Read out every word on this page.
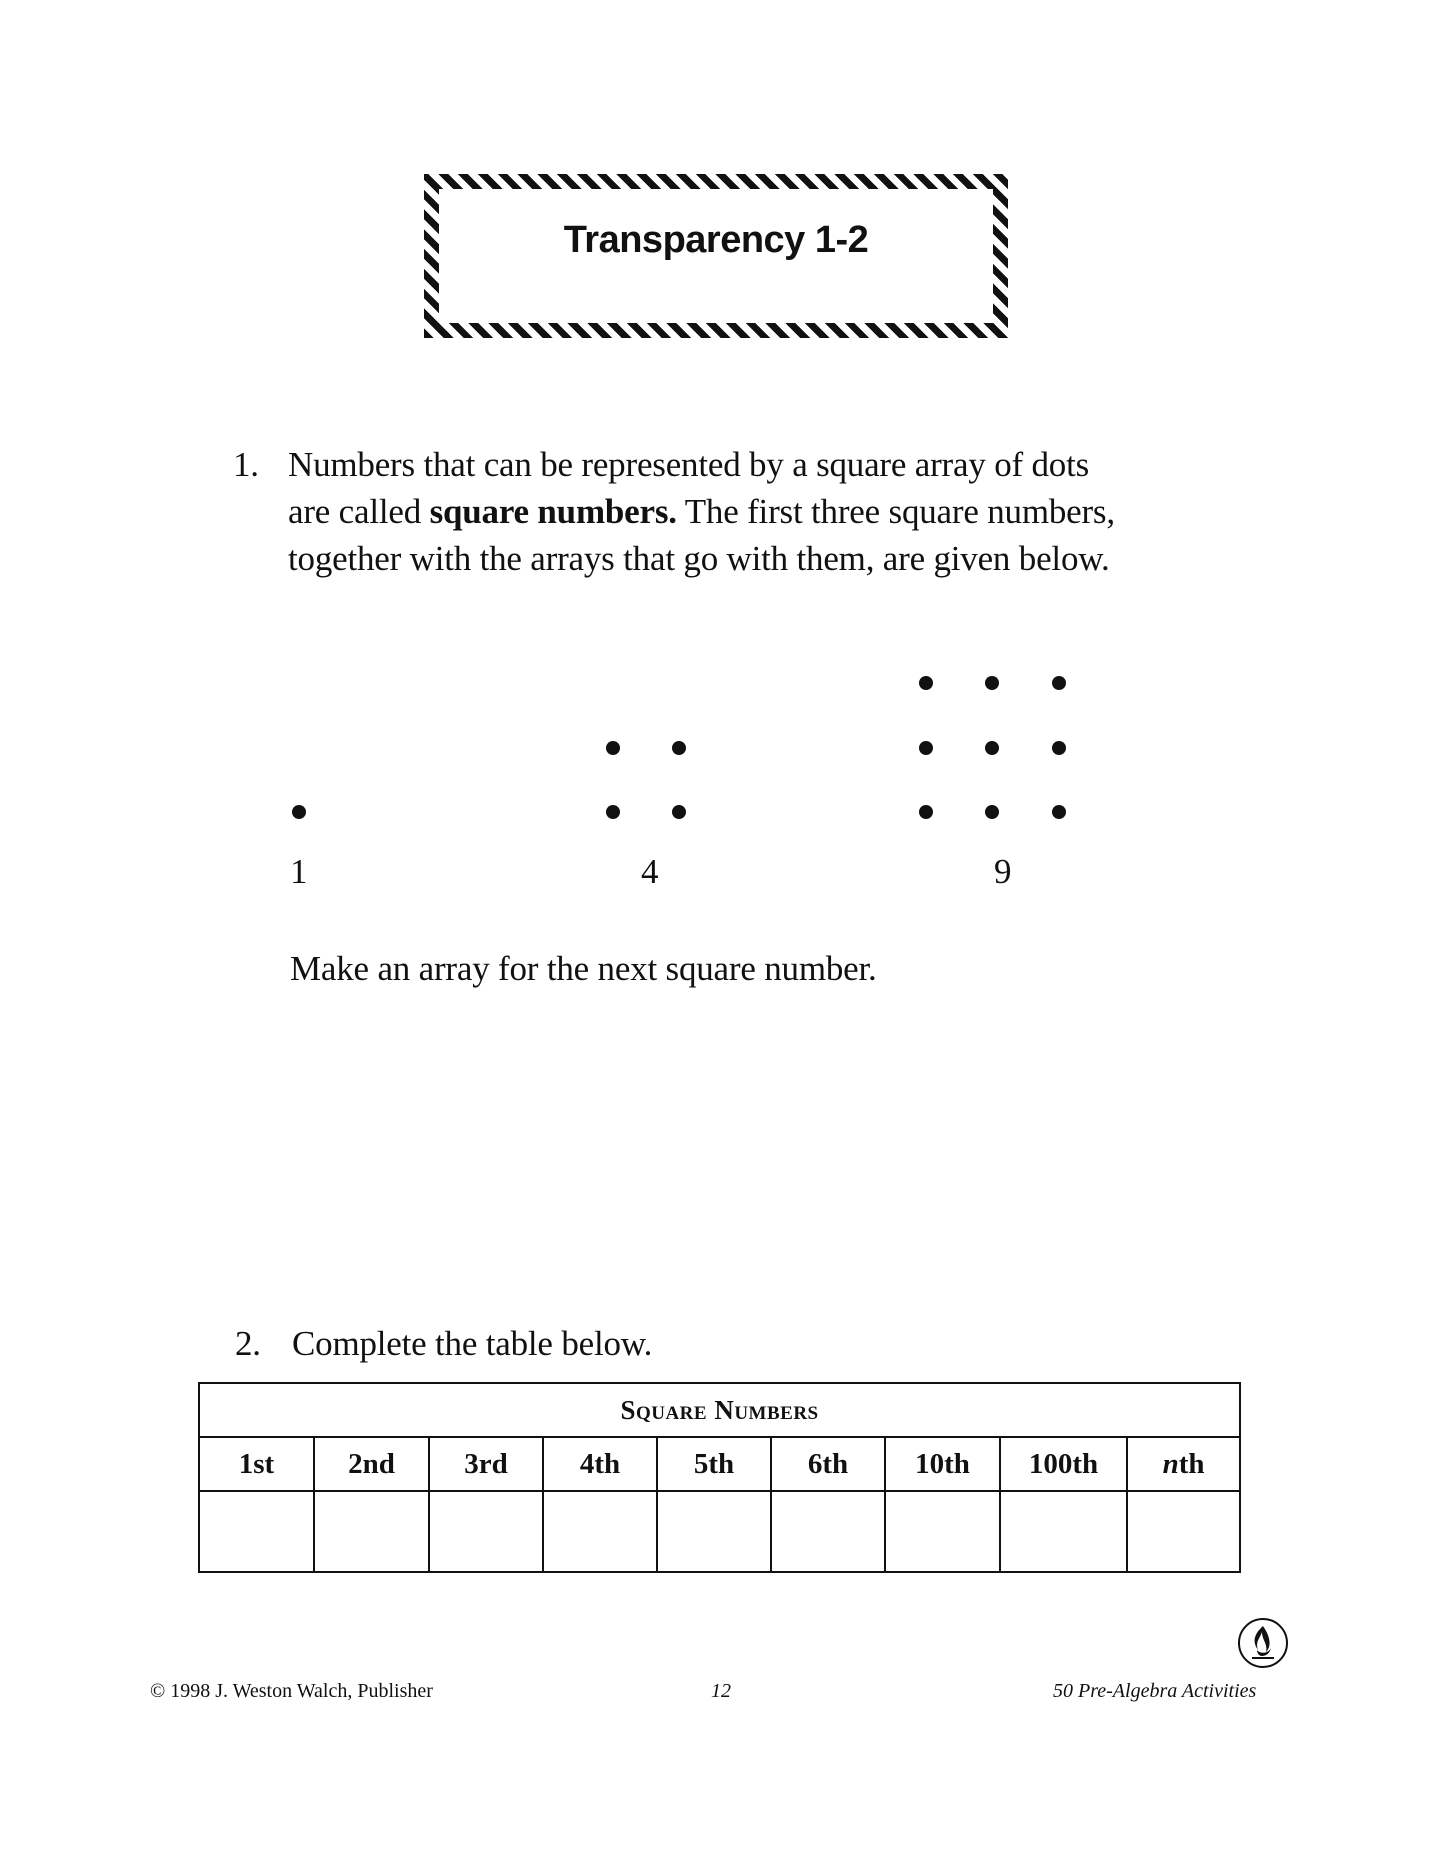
Transparency 1-2
1. Numbers that can be represented by a square array of dots
are called square numbers. The first three square numbers,
together with the arrays that go with them, are given below.
1	4	9
Make an array for the next square number.
2. Complete the table below.
Square Numbers								
1st	2nd	3rd	4th	5th	6th	10th	100th	nth

© 1998 J. Weston Walch, Publisher	12	50 Pre-Algebra Activities
